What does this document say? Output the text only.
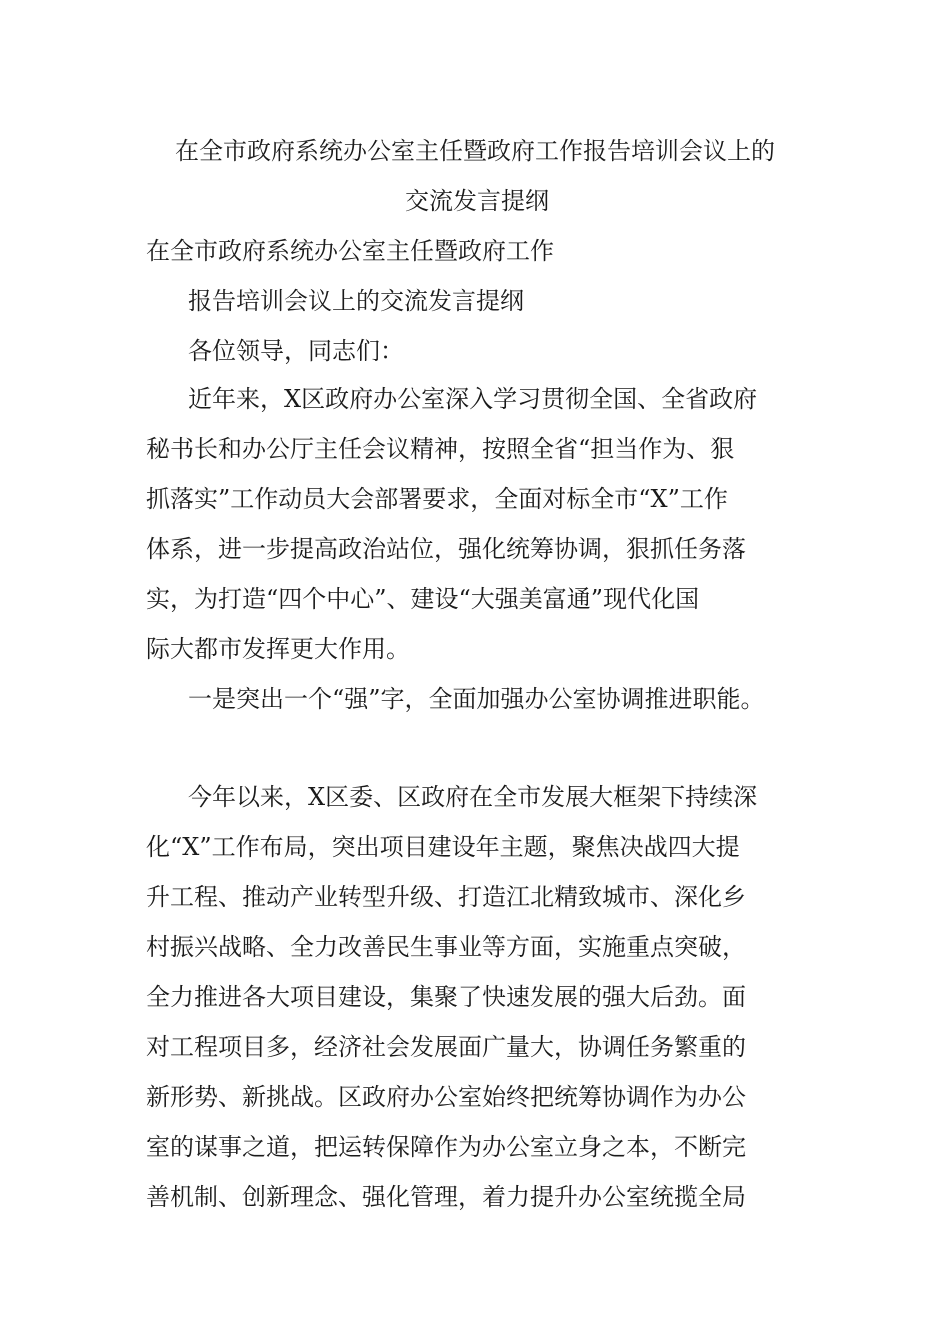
在全市政府系统办公室主任暨政府工作报告培训会议上的
交流发言提纲
在全市政府系统办公室主任暨政府工作
报告培训会议上的交流发言提纲
各位领导，同志们：
近年来，X区政府办公室深入学习贯彻全国、全省政府
秘书长和办公厅主任会议精神，按照全省“担当作为、狠
抓落实”工作动员大会部署要求，全面对标全市“X”工作
体系，进一步提高政治站位，强化统筹协调，狠抓任务落
实，为打造“四个中心”、建设“大强美富通”现代化国
际大都市发挥更大作用。
一是突出一个“强”字，全面加强办公室协调推进职能。
今年以来，X区委、区政府在全市发展大框架下持续深
化“X”工作布局，突出项目建设年主题，聚焦决战四大提
升工程、推动产业转型升级、打造江北精致城市、深化乡
村振兴战略、全力改善民生事业等方面，实施重点突破，
全力推进各大项目建设，集聚了快速发展的强大后劲。面
对工程项目多，经济社会发展面广量大，协调任务繁重的
新形势、新挑战。区政府办公室始终把统筹协调作为办公
室的谋事之道，把运转保障作为办公室立身之本，不断完
善机制、创新理念、强化管理，着力提升办公室统揽全局
